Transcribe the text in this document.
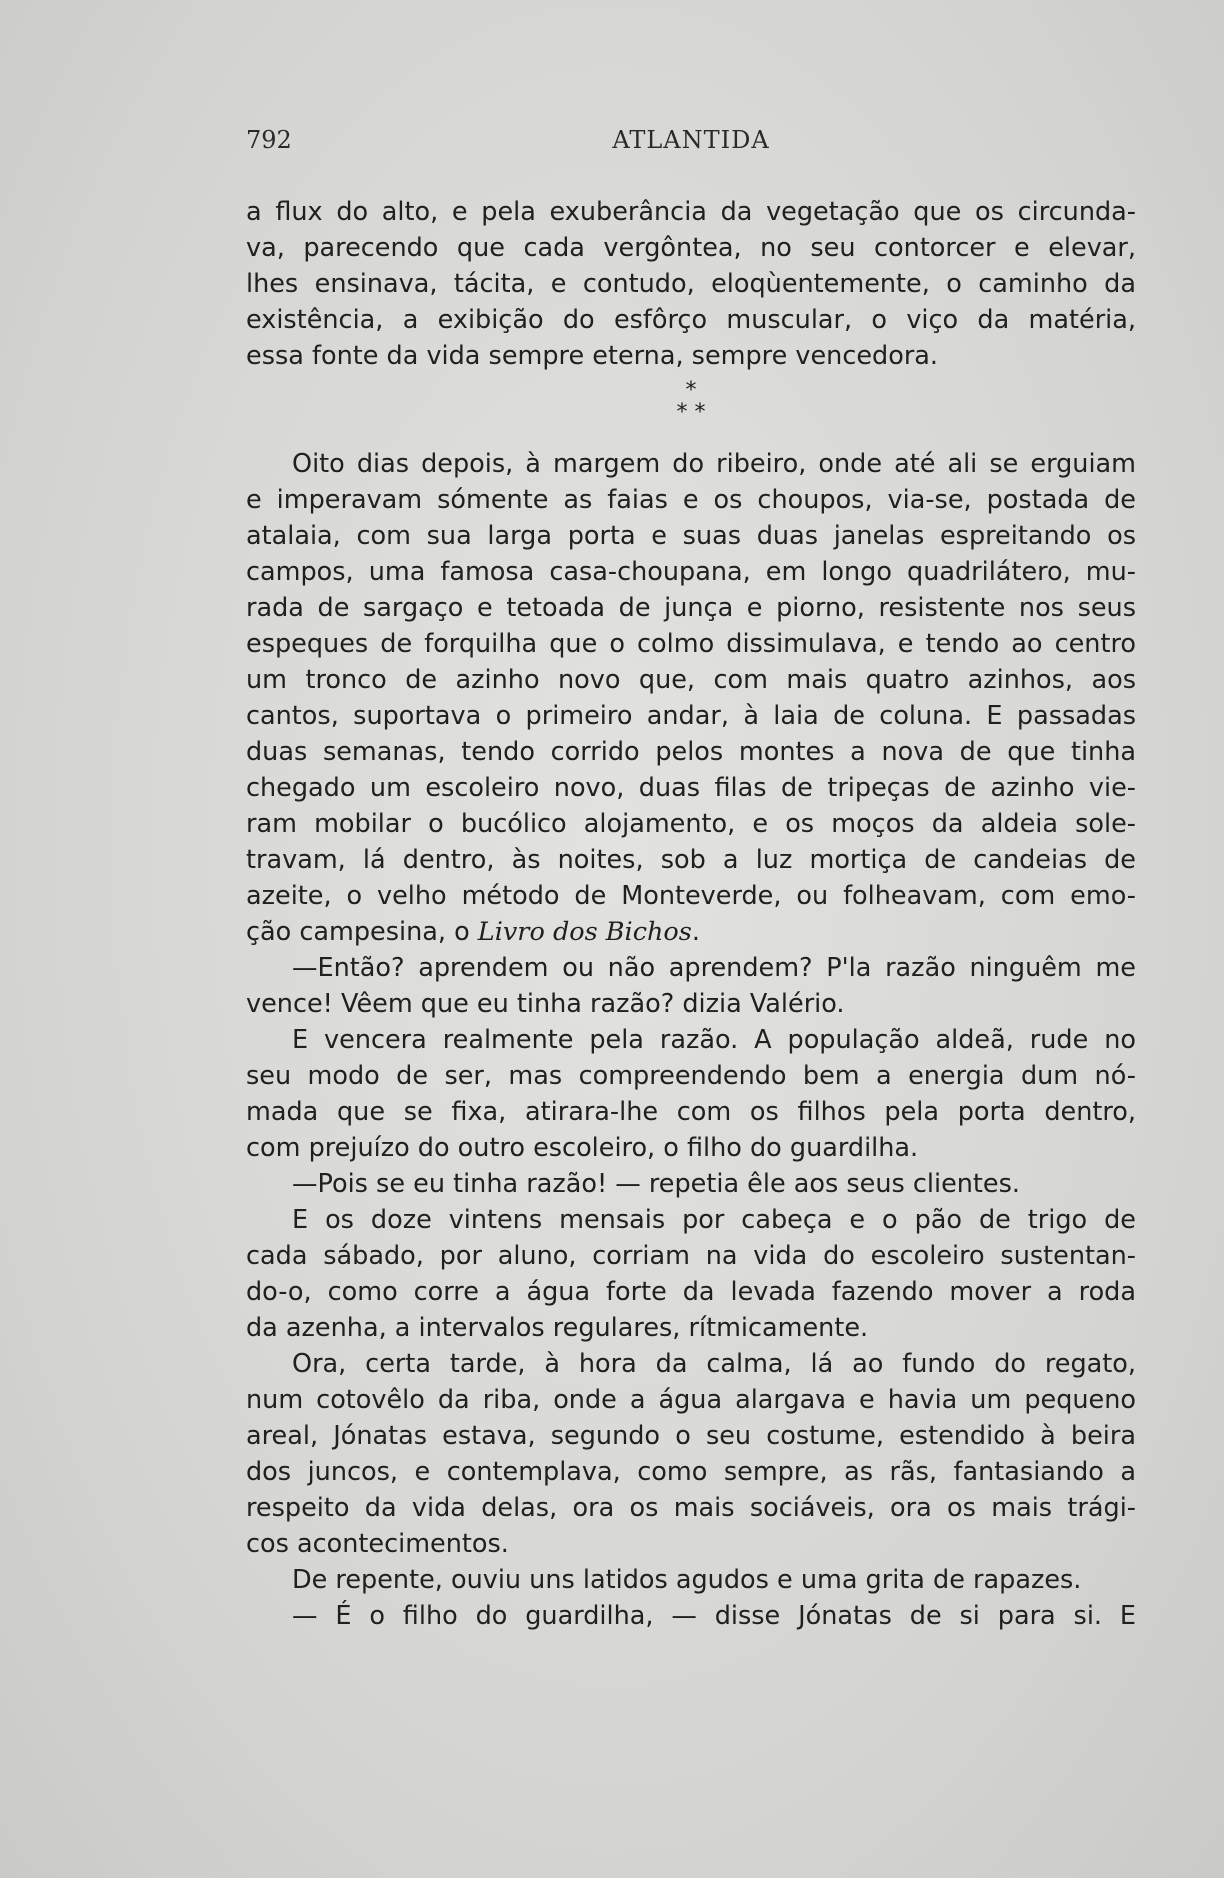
792	ATLANTIDA
a flux do alto, e pela exuberância da vegetação que os circunda-
va, parecendo que cada vergôntea, no seu contorcer e elevar,
lhes ensinava, tácita, e contudo, eloqùentemente, o caminho da
existência, a exibição do esfôrço muscular, o viço da matéria,
essa fonte da vida sempre eterna, sempre vencedora.
*
* *
Oito dias depois, à margem do ribeiro, onde até ali se erguiam
e imperavam sómente as faias e os choupos, via-se, postada de
atalaia, com sua larga porta e suas duas janelas espreitando os
campos, uma famosa casa-choupana, em longo quadrilátero, mu-
rada de sargaço e tetoada de junça e piorno, resistente nos seus
espeques de forquilha que o colmo dissimulava, e tendo ao centro
um tronco de azinho novo que, com mais quatro azinhos, aos
cantos, suportava o primeiro andar, à laia de coluna. E passadas
duas semanas, tendo corrido pelos montes a nova de que tinha
chegado um escoleiro novo, duas filas de tripeças de azinho vie-
ram mobilar o bucólico alojamento, e os moços da aldeia sole-
travam, lá dentro, às noites, sob a luz mortiça de candeias de
azeite, o velho método de Monteverde, ou folheavam, com emo-
ção campesina, o Livro dos Bichos.
—Então? aprendem ou não aprendem? P'la razão ninguêm me
vence! Vêem que eu tinha razão? dizia Valério.
E vencera realmente pela razão. A população aldeã, rude no
seu modo de ser, mas compreendendo bem a energia dum nó-
mada que se fixa, atirara-lhe com os filhos pela porta dentro,
com prejuízo do outro escoleiro, o filho do guardilha.
—Pois se eu tinha razão! — repetia êle aos seus clientes.
E os doze vintens mensais por cabeça e o pão de trigo de
cada sábado, por aluno, corriam na vida do escoleiro sustentan-
do-o, como corre a água forte da levada fazendo mover a roda
da azenha, a intervalos regulares, rítmicamente.
Ora, certa tarde, à hora da calma, lá ao fundo do regato,
num cotovêlo da riba, onde a água alargava e havia um pequeno
areal, Jónatas estava, segundo o seu costume, estendido à beira
dos juncos, e contemplava, como sempre, as rãs, fantasiando a
respeito da vida delas, ora os mais sociáveis, ora os mais trági-
cos acontecimentos.
De repente, ouviu uns latidos agudos e uma grita de rapazes.
— É o filho do guardilha, — disse Jónatas de si para si. E
